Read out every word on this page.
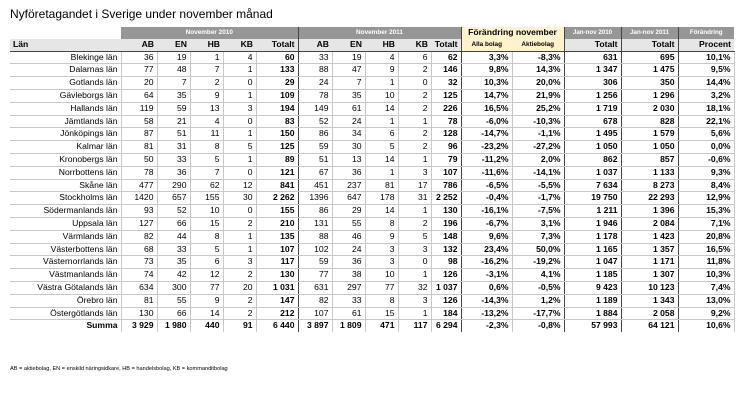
Nyföretagandet i Sverige under november månad
	November 2010					November 2011					Förändring november		Jan-nov 2010	Jan-nov 2011	Förändring
Län	AB	EN	HB	KB	Totalt	AB	EN	HB	KB	Totalt	Alla bolag	Aktiebolag	Totalt	Totalt	Procent
Blekinge län	36	19	1	4	60	33	19	4	6	62	3,3%	-8,3%	631	695	10,1%
Dalarnas län	77	48	7	1	133	88	47	9	2	146	9,8%	14,3%	1 347	1 475	9,5%
Gotlands län	20	7	2	0	29	24	7	1	0	32	10,3%	20,0%	306	350	14,4%
Gävleborgs län	64	35	9	1	109	78	35	10	2	125	14,7%	21,9%	1 256	1 296	3,2%
Hallands län	119	59	13	3	194	149	61	14	2	226	16,5%	25,2%	1 719	2 030	18,1%
Jämtlands län	58	21	4	0	83	52	24	1	1	78	-6,0%	-10,3%	678	828	22,1%
Jönköpings län	87	51	11	1	150	86	34	6	2	128	-14,7%	-1,1%	1 495	1 579	5,6%
Kalmar län	81	31	8	5	125	59	30	5	2	96	-23,2%	-27,2%	1 050	1 050	0,0%
Kronobergs län	50	33	5	1	89	51	13	14	1	79	-11,2%	2,0%	862	857	-0,6%
Norrbottens län	78	36	7	0	121	67	36	1	3	107	-11,6%	-14,1%	1 037	1 133	9,3%
Skåne län	477	290	62	12	841	451	237	81	17	786	-6,5%	-5,5%	7 634	8 273	8,4%
Stockholms län	1420	657	155	30	2 262	1396	647	178	31	2 252	-0,4%	-1,7%	19 750	22 293	12,9%
Södermanlands län	93	52	10	0	155	86	29	14	1	130	-16,1%	-7,5%	1 211	1 396	15,3%
Uppsala län	127	66	15	2	210	131	55	8	2	196	-6,7%	3,1%	1 946	2 084	7,1%
Värmlands län	82	44	8	1	135	88	46	9	5	148	9,6%	7,3%	1 178	1 423	20,8%
Västerbottens län	68	33	5	1	107	102	24	3	3	132	23,4%	50,0%	1 165	1 357	16,5%
Västernorrlands län	73	35	6	3	117	59	36	3	0	98	-16,2%	-19,2%	1 047	1 171	11,8%
Västmanlands län	74	42	12	2	130	77	38	10	1	126	-3,1%	4,1%	1 185	1 307	10,3%
Västra Götalands län	634	300	77	20	1 031	631	297	77	32	1 037	0,6%	-0,5%	9 423	10 123	7,4%
Örebro län	81	55	9	2	147	82	33	8	3	126	-14,3%	1,2%	1 189	1 343	13,0%
Östergötlands län	130	66	14	2	212	107	61	15	1	184	-13,2%	-17,7%	1 884	2 058	9,2%
Summa	3 929	1 980	440	91	6 440	3 897	1 809	471	117	6 294	-2,3%	-0,8%	57 993	64 121	10,6%
AB = aktiebolag, EN = enskild näringsidkare, HB = handelsbolag, KB = kommanditbolag
